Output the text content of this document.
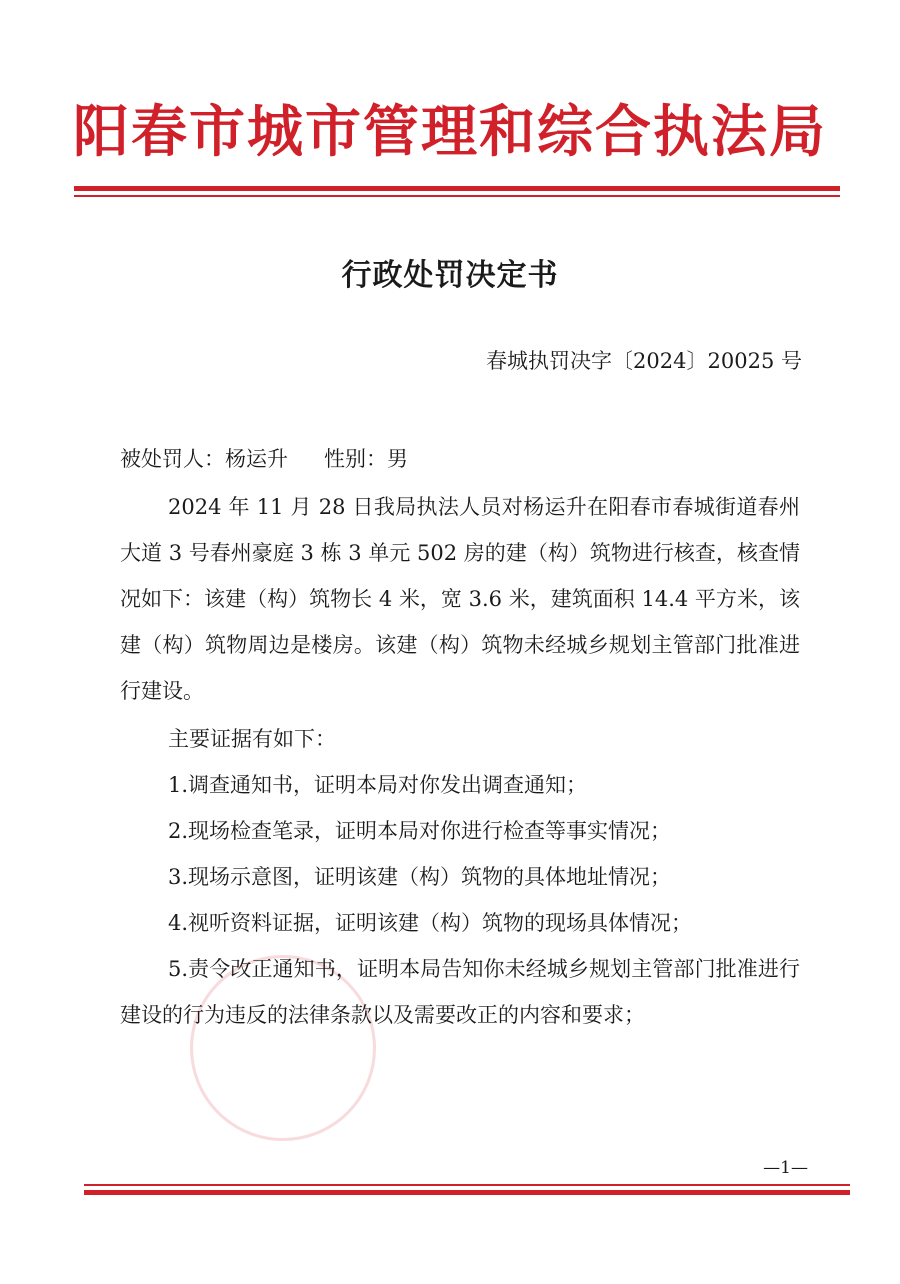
阳春市城市管理和综合执法局
行政处罚决定书
春城执罚决字〔2024〕20025 号

被处罚人：杨运升 性别：男

2024 年 11 月 28 日我局执法人员对杨运升在阳春市春城街道春州大道 3 号春州豪庭 3 栋 3 单元 502 房的建（构）筑物进行核查，核查情况如下：该建（构）筑物长 4 米，宽 3.6 米，建筑面积 14.4 平方米，该建（构）筑物周边是楼房。该建（构）筑物未经城乡规划主管部门批准进行建设。

主要证据有如下：

1.调查通知书，证明本局对你发出调查通知；

2.现场检查笔录，证明本局对你进行检查等事实情况；

3.现场示意图，证明该建（构）筑物的具体地址情况；

4.视听资料证据，证明该建（构）筑物的现场具体情况；

5.责令改正通知书，证明本局告知你未经城乡规划主管部门批准进行建设的行为违反的法律条款以及需要改正的内容和要求；

—1—
